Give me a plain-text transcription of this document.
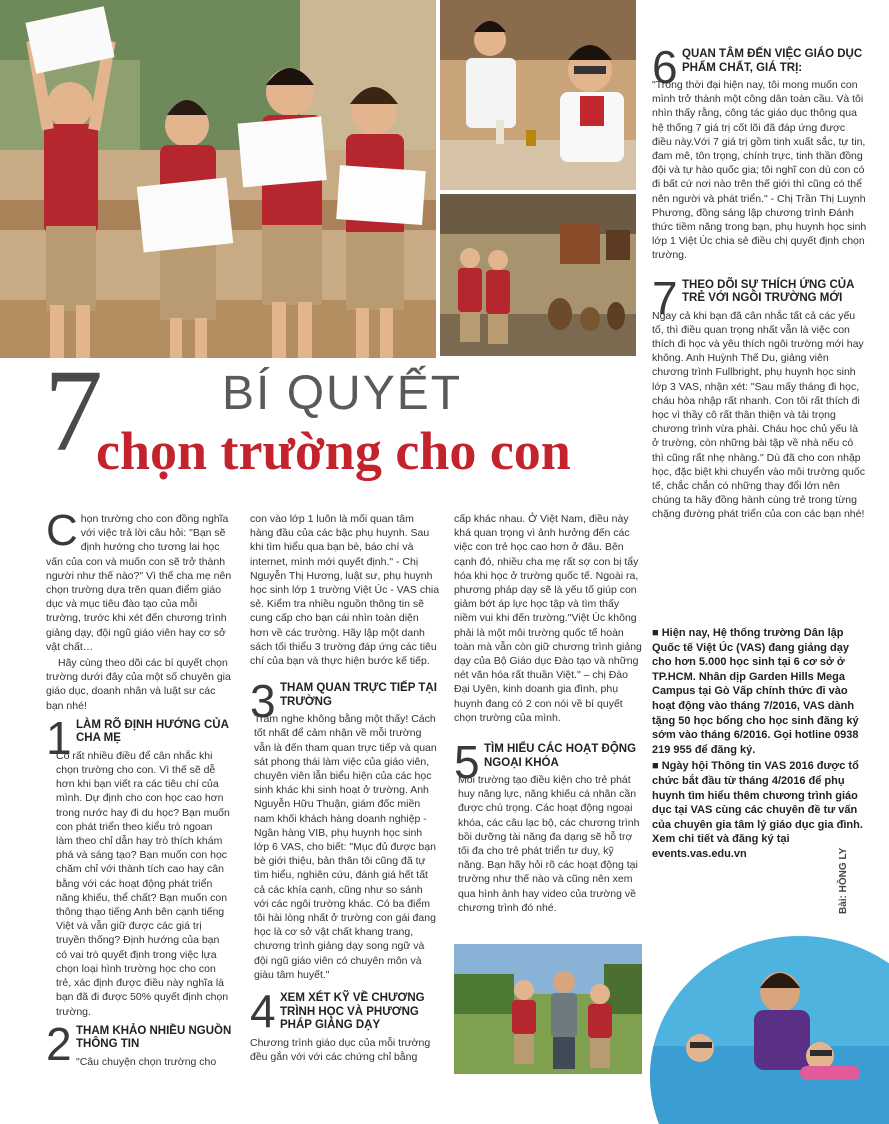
7 BÍ QUYẾT
chọn trường cho con

Chọn trường cho con đồng nghĩa với việc trả lời câu hỏi: "Bạn sẽ định hướng cho tương lai học vấn của con và muốn con sẽ trở thành người như thế nào?" Vì thế cha mẹ nên chọn trường dựa trên quan điểm giáo dục và mục tiêu đào tạo của mỗi trường, trước khi xét đến chương trình giảng dạy, đội ngũ giáo viên hay cơ sở vật chất…

Hãy cùng theo dõi các bí quyết chọn trường dưới đây của một số chuyên gia giáo dục, doanh nhân và luật sư các bạn nhé!

1 LÀM RÕ ĐỊNH HƯỚNG CỦA CHA MẸ

Có rất nhiều điều để cân nhắc khi chọn trường cho con. Vì thế sẽ dễ hơn khi bạn viết ra các tiêu chí của mình. Dự định cho con học cao hơn trong nước hay đi du học? Bạn muốn con phát triển theo kiểu trò ngoan làm theo chỉ dẫn hay trò thích khám phá và sáng tạo? Bạn muốn con học chăm chỉ với thành tích cao hay cân bằng với các hoạt động phát triển năng khiếu, thể chất? Bạn muốn con thông thạo tiếng Anh bên cạnh tiếng Việt và vẫn giữ được các giá trị truyền thống? Định hướng của bạn có vai trò quyết định trong việc lựa chọn loại hình trường học cho con trẻ, xác định được điều này nghĩa là bạn đã đi được 50% quyết định chọn trường.

2 THAM KHẢO NHIỀU NGUỒN THÔNG TIN

"Câu chuyện chọn trường cho

con vào lớp 1 luôn là mối quan tâm hàng đầu của các bậc phụ huynh. Sau khi tìm hiểu qua bạn bè, báo chí và internet, mình mới quyết định." - Chị Nguyễn Thị Hương, luật sư, phụ huynh học sinh lớp 1 trường Việt Úc - VAS chia sẻ. Kiểm tra nhiều nguồn thông tin sẽ cung cấp cho bạn cái nhìn toàn diện hơn về các trường. Hãy lập một danh sách tối thiểu 3 trường đáp ứng các tiêu chí của bạn và thực hiện bước kế tiếp.

3 THAM QUAN TRỰC TIẾP TẠI TRƯỜNG

Trăm nghe không bằng một thấy! Cách tốt nhất để cảm nhận về mỗi trường vẫn là đến tham quan trực tiếp và quan sát phong thái làm việc của giáo viên, chuyên viên lẫn biểu hiện của các học sinh khác khi sinh hoạt ở trường. Anh Nguyễn Hữu Thuận, giám đốc miền nam khối khách hàng doanh nghiệp - Ngân hàng VIB, phụ huynh học sinh lớp 6 VAS, cho biết: "Mục đủ được bạn bè giới thiệu, bản thân tôi cũng đã tự tìm hiểu, nghiên cứu, đánh giá hết tất cả các khía cạnh, cũng như so sánh với các ngôi trường khác. Có ba điểm tôi hài lòng nhất ở trường con gái đang học là cơ sở vật chất khang trang, chương trình giảng dạy song ngữ và đội ngũ giáo viên có chuyên môn và giàu tâm huyết."

4 XEM XÉT KỸ VỀ CHƯƠNG TRÌNH HỌC VÀ PHƯƠNG PHÁP GIẢNG DẠY

Chương trình giáo dục của mỗi trường đều gắn với với các chứng chỉ bằng

cấp khác nhau. Ở Việt Nam, điều này khá quan trọng vì ảnh hưởng đến các việc con trẻ học cao hơn ở đâu. Bên cạnh đó, nhiều cha mẹ rất sợ con bị tẩy hóa khi học ở trường quốc tế. Ngoài ra, phương pháp dạy sẽ là yếu tố giúp con giảm bớt áp lực học tập và tìm thấy niềm vui khi đến trường."Việt Úc không phải là một môi trường quốc tế hoàn toàn mà vẫn còn giữ chương trình giảng dạy của Bộ Giáo dục Đào tạo và những nét văn hóa rất thuần Việt." – chị Đào Đại Uyên, kinh doanh gia đình, phụ huynh đang có 2 con nói về bí quyết chọn trường của mình.

5 TÌM HIỂU CÁC HOẠT ĐỘNG NGOẠI KHÓA

Môi trường tạo điều kiện cho trẻ phát huy năng lực, năng khiếu cá nhân cần được chú trọng. Các hoạt động ngoại khóa, các câu lạc bộ, các chương trình bồi dưỡng tài năng đa dạng sẽ hỗ trợ tối đa cho trẻ phát triển tư duy, kỹ năng. Bạn hãy hỏi rõ các hoạt động tại trường như thế nào và cũng nên xem qua hình ảnh hay video của trường về chương trình đó nhé.

6 QUAN TÂM ĐẾN VIỆC GIÁO DỤC PHẨM CHẤT, GIÁ TRỊ:

"Trong thời đại hiện nay, tôi mong muốn con mình trở thành một công dân toàn cầu. Và tôi nhìn thấy rằng, công tác giáo dục thông qua hệ thống 7 giá trị cốt lõi đã đáp ứng được điều này.Với 7 giá trị gồm tinh xuất sắc, tự tin, đam mê, tôn trọng, chính trực, tinh thần đồng đội và tự hào quốc gia; tôi nghĩ con dù con có đi bất cứ nơi nào trên thế giới thì cũng có thể nên người và phát triển." - Chị Trần Thị Luỵnh Phương, đồng sáng lập chương trình Đánh thức tiềm năng trong bạn, phụ huynh học sinh lớp 1 Việt Úc chia sẻ điều chị quyết định chọn trường.

7 THEO DÕI SỰ THÍCH ỨNG CỦA TRẺ VỚI NGÔI TRƯỜNG MỚI

Ngay cả khi bạn đã cân nhắc tất cả các yếu tố, thì điều quan trọng nhất vẫn là việc con thích đi học và yêu thích ngôi trường mới hay không. Anh Huỳnh Thế Du, giảng viên chương trình Fullbright, phụ huynh học sinh lớp 3 VAS, nhận xét: "Sau mấy tháng đi học, cháu hòa nhập rất nhanh. Con tôi rất thích đi học vì thầy cô rất thân thiện và tải trọng chương trình vừa phải. Cháu học chủ yếu là ở trường, còn những bài tập về nhà nếu có thì cũng rất nhẹ nhàng." Dù đã cho con nhập học, đặc biệt khi chuyển vào môi trường quốc tế, chắc chắn có những thay đổi lớn nên chúng ta hãy đồng hành cùng trẻ trong từng chặng đường phát triển của con các bạn nhé!

■ Hiện nay, Hệ thống trường Dân lập Quốc tế Việt Úc (VAS) đang giảng dạy cho hơn 5.000 học sinh tại 6 cơ sở ở TP.HCM. Nhân dịp Garden Hills Mega Campus tại Gò Vấp chính thức đi vào hoạt động vào tháng 7/2016, VAS dành tặng 50 học bổng cho học sinh đăng ký sớm vào tháng 6/2016. Gọi hotline 0938 219 955 để đăng ký.

■ Ngày hội Thông tin VAS 2016 được tổ chức bắt đầu từ tháng 4/2016 để phụ huynh tìm hiểu thêm chương trình giáo dục tại VAS cùng các chuyên đề tư vấn của chuyên gia tâm lý giáo dục gia đình. Xem chi tiết và đăng ký tại events.vas.edu.vn	Bài: HỒNG LY
